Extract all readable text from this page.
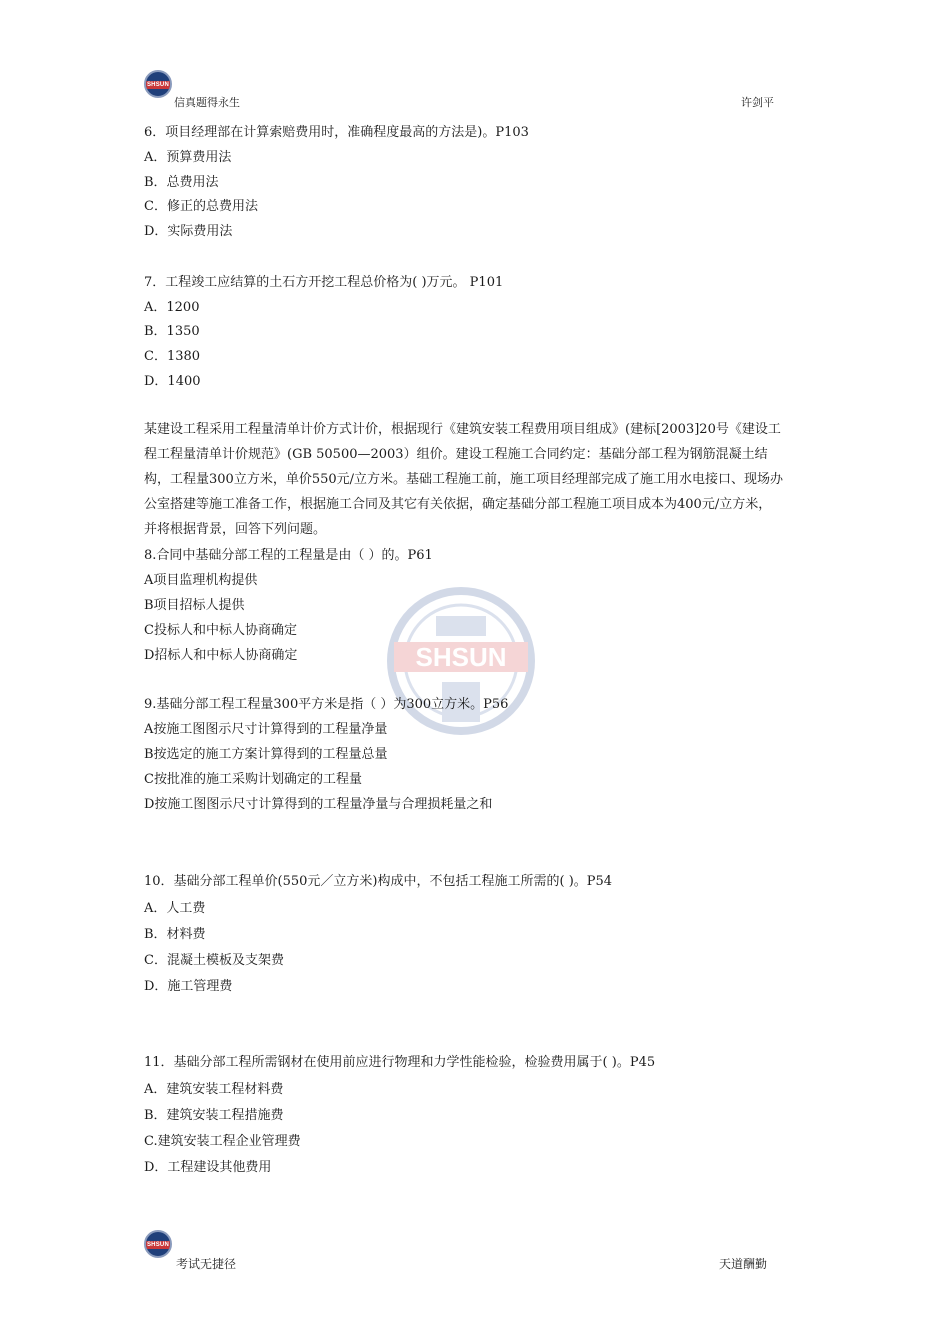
SHSUN
信真题得永生	许剑平
SHSUN
6．项目经理部在计算索赔费用时，准确程度最高的方法是)。P103
A．预算费用法
B．总费用法
C．修正的总费用法
D．实际费用法
7．工程竣工应结算的土石方开挖工程总价格为( )万元。 P101
A．1200
B．1350
C．1380
D．1400
某建设工程采用工程量清单计价方式计价，根据现行《建筑安装工程费用项目组成》(建标[2003]20号《建设工程工程量清单计价规范》(GB 50500—2003）组价。建设工程施工合同约定：基础分部工程为钢筋混凝土结构，工程量300立方米，单价550元/立方米。基础工程施工前，施工项目经理部完成了施工用水电接口、现场办公室搭建等施工准备工作，根据施工合同及其它有关依据，确定基础分部工程施工项目成本为400元/立方米，并将根据背景，回答下列问题。
8.合同中基础分部工程的工程量是由（ ）的。P61
A项目监理机构提供
B项目招标人提供
C投标人和中标人协商确定
D招标人和中标人协商确定
9.基础分部工程工程量300平方米是指（ ）为300立方米。P56
A按施工图图示尺寸计算得到的工程量净量
B按选定的施工方案计算得到的工程量总量
C按批准的施工采购计划确定的工程量
D按施工图图示尺寸计算得到的工程量净量与合理损耗量之和
10．基础分部工程单价(550元／立方米)构成中，不包括工程施工所需的( )。P54
A．人工费
B．材料费
C．混凝土模板及支架费
D．施工管理费
11．基础分部工程所需钢材在使用前应进行物理和力学性能检验，检验费用属于( )。P45
A．建筑安装工程材料费
B．建筑安装工程措施费
C.建筑安装工程企业管理费
D．工程建设其他费用
SHSUN
考试无捷径	天道酬勤
